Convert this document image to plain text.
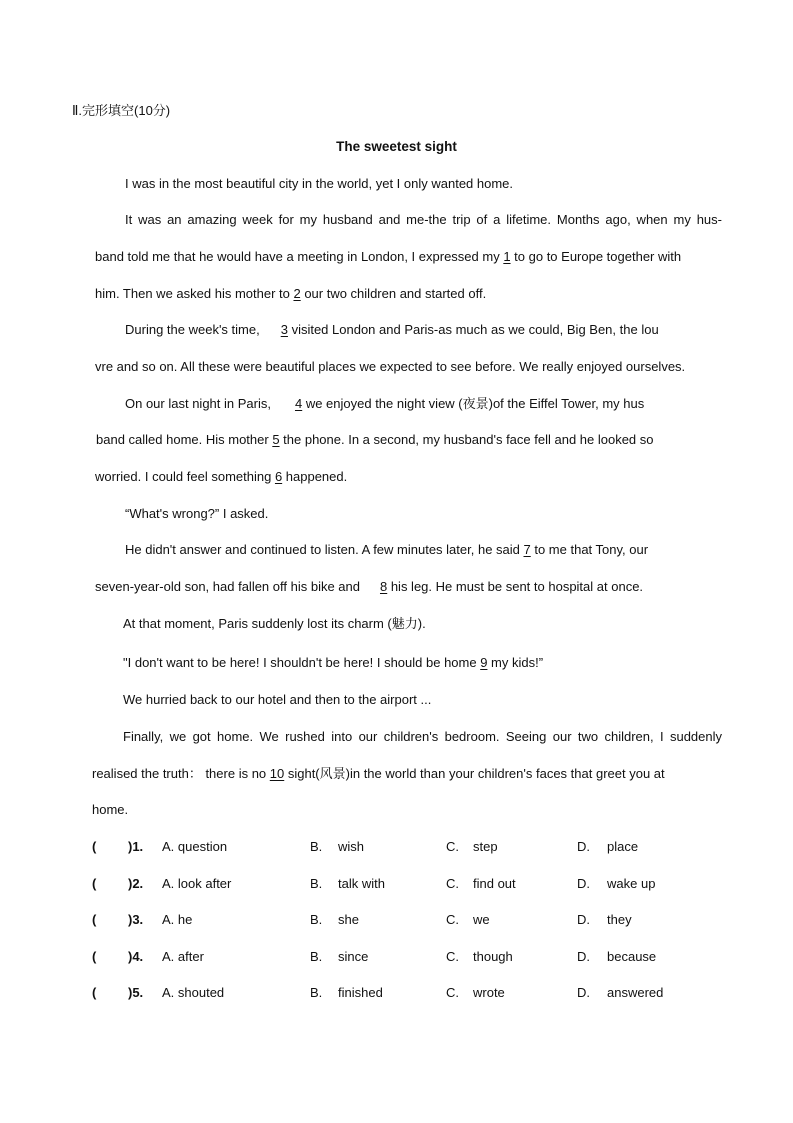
Ⅱ.完形填空(10分)
The sweetest sight
I was in the most beautiful city in the world, yet I only wanted home.
It was an amazing week for my husband and me-the trip of a lifetime. Months ago, when my hus-
band told me that he would have a meeting in London, I expressed my 1 to go to Europe together with
him. Then we asked his mother to 2 our two children and started off.
During the week's time, 3 visited London and Paris-as much as we could, Big Ben, the lou
vre and so on. All these were beautiful places we expected to see before. We really enjoyed ourselves.
On our last night in Paris, 4 we enjoyed the night view (夜景)of the Eiffel Tower, my hus
band called home. His mother 5 the phone. In a second, my husband's face fell and he looked so
worried. I could feel something 6 happened.
“What's wrong?” I asked.
He didn't answer and continued to listen. A few minutes later, he said 7 to me that Tony, our
seven-year-old son, had fallen off his bike and 8 his leg. He must be sent to hospital at once.
At that moment, Paris suddenly lost its charm (魅力).
"I don't want to be here! I shouldn't be here! I should be home 9 my kids!”
We hurried back to our hotel and then to the airport ...
Finally, we got home. We rushed into our children's bedroom. Seeing our two children, I suddenly
realised the truth： there is no 10 sight(风景)in the world than your children's faces that greet you at
home.
( )1. A. question	B. wish	C. step	D. place
( )2. A. look after	B. talk with	C. find out	D. wake up
( )3. A. he	B. she	C. we	D. they
( )4. A. after	B. since	C. though	D. because
( )5. A. shouted	B. finished	C. wrote	D. answered
